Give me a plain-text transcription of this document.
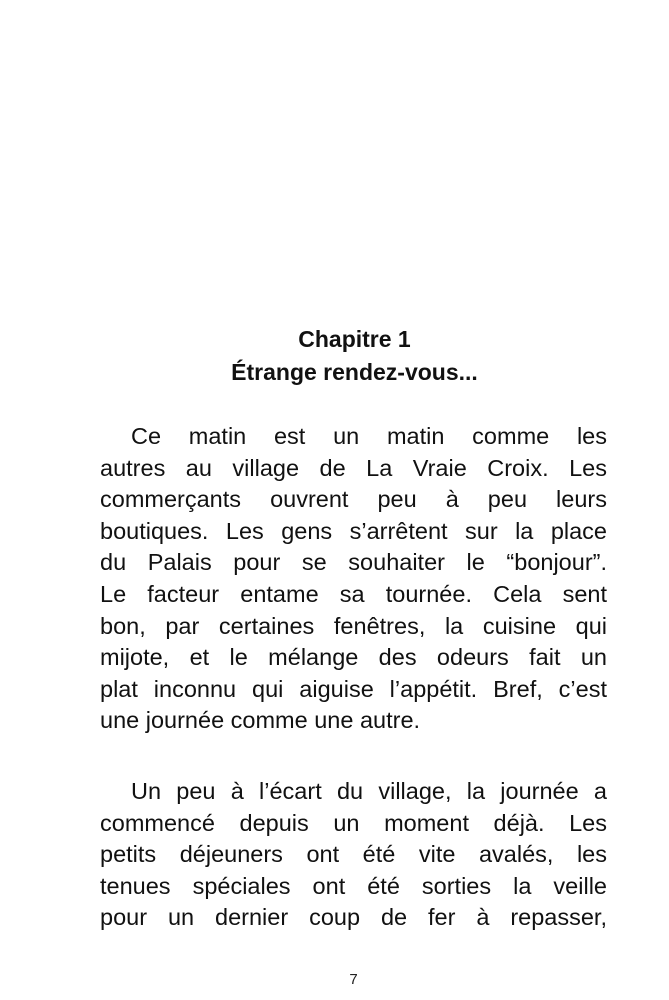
Chapitre 1
Étrange rendez-vous...
Ce matin est un matin comme les
autres au village de La Vraie Croix. Les
commerçants ouvrent peu à peu leurs
boutiques. Les gens s’arrêtent sur la place
du Palais pour se souhaiter le “bonjour”.
Le facteur entame sa tournée. Cela sent
bon, par certaines fenêtres, la cuisine qui
mijote, et le mélange des odeurs fait un
plat inconnu qui aiguise l’appétit. Bref, c’est
une journée comme une autre.
Un peu à l’écart du village, la journée a
commencé depuis un moment déjà. Les
petits déjeuners ont été vite avalés, les
tenues spéciales ont été sorties la veille
pour un dernier coup de fer à repasser,
7
